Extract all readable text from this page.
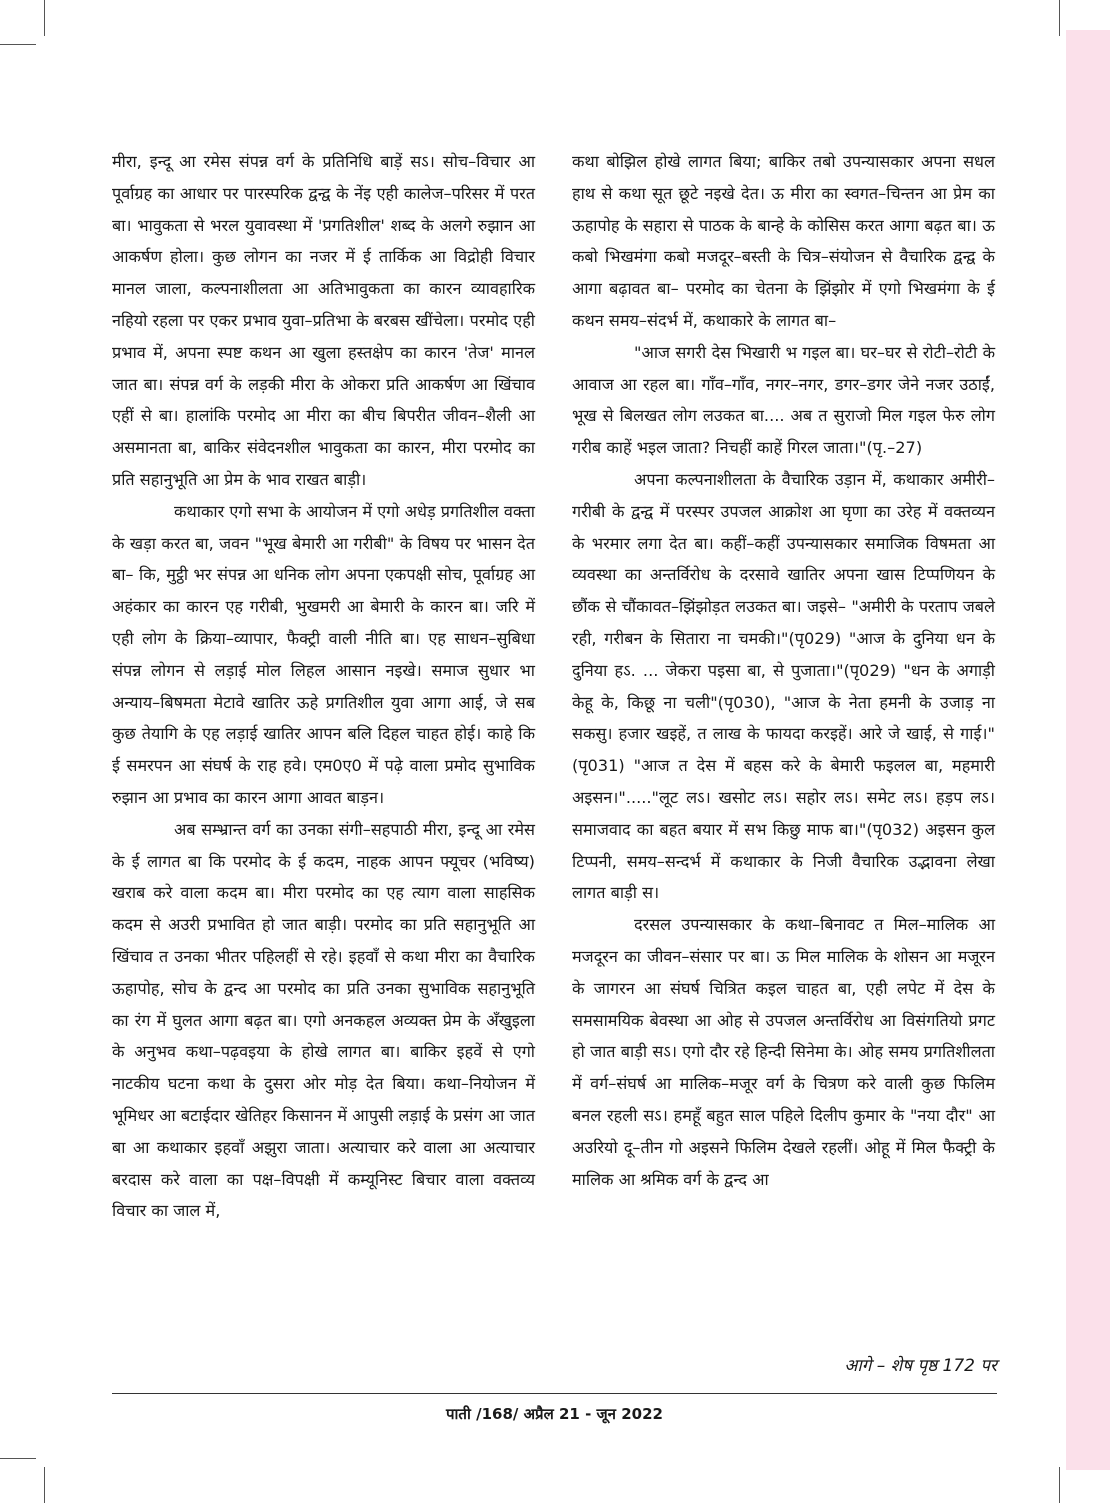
मीरा, इन्दू आ रमेस संपन्न वर्ग के प्रतिनिधि बाड़ें सऽ। सोच–विचार आ पूर्वाग्रह का आधार पर पारस्परिक द्वन्द्व के नेंइ एही कालेज–परिसर में परत बा। भावुकता से भरल युवावस्था में 'प्रगतिशील' शब्द के अलगे रुझान आ आकर्षण होला। कुछ लोगन का नजर में ई तार्किक आ विद्रोही विचार मानल जाला, कल्पनाशीलता आ अतिभावुकता का कारन व्यावहारिक नहियो रहला पर एकर प्रभाव युवा–प्रतिभा के बरबस खींचेला। परमोद एही प्रभाव में, अपना स्पष्ट कथन आ खुला हस्तक्षेप का कारन 'तेज' मानल जात बा। संपन्न वर्ग के लड़की मीरा के ओकरा प्रति आकर्षण आ खिंचाव एहीं से बा। हालांकि परमोद आ मीरा का बीच बिपरीत जीवन–शैली आ असमानता बा, बाकिर संवेदनशील भावुकता का कारन, मीरा परमोद का प्रति सहानुभूति आ प्रेम के भाव राखत बाड़ी।

कथाकार एगो सभा के आयोजन में एगो अधेड़ प्रगतिशील वक्ता के खड़ा करत बा, जवन "भूख बेमारी आ गरीबी" के विषय पर भासन देत बा– कि, मुट्ठी भर संपन्न आ धनिक लोग अपना एकपक्षी सोच, पूर्वाग्रह आ अहंकार का कारन एह गरीबी, भुखमरी आ बेमारी के कारन बा। जरि में एही लोग के क्रिया–व्यापार, फैक्ट्री वाली नीति बा। एह साधन–सुबिधा संपन्न लोगन से लड़ाई मोल लिहल आसान नइखे। समाज सुधार भा अन्याय–बिषमता मेटावे खातिर ऊहे प्रगतिशील युवा आगा आई, जे सब कुछ तेयागि के एह लड़ाई खातिर आपन बलि दिहल चाहत होई। काहे कि ई समरपन आ संघर्ष के राह हवे। एम0ए0 में पढ़े वाला प्रमोद सुभाविक रुझान आ प्रभाव का कारन आगा आवत बाड़न।

अब सम्भ्रान्त वर्ग का उनका संगी–सहपाठी मीरा, इन्दू आ रमेस के ई लागत बा कि परमोद के ई कदम, नाहक आपन फ्यूचर (भविष्य) खराब करे वाला कदम बा। मीरा परमोद का एह त्याग वाला साहसिक कदम से अउरी प्रभावित हो जात बाड़ी। परमोद का प्रति सहानुभूति आ खिंचाव त उनका भीतर पहिलहीं से रहे। इहवाँ से कथा मीरा का वैचारिक ऊहापोह, सोच के द्वन्द आ परमोद का प्रति उनका सुभाविक सहानुभूति का रंग में घुलत आगा बढ़त बा। एगो अनकहल अव्यक्त प्रेम के अँखुइला के अनुभव कथा–पढ़वइया के होखे लागत बा। बाकिर इहवें से एगो नाटकीय घटना कथा के दुसरा ओर मोड़ देत बिया। कथा–नियोजन में भूमिधर आ बटाईदार खेतिहर किसानन में आपुसी लड़ाई के प्रसंग आ जात बा आ कथाकार इहवाँ अझुरा जाता। अत्याचार करे वाला आ अत्याचार बरदास करे वाला का पक्ष–विपक्षी में कम्यूनिस्ट बिचार वाला वक्तव्य विचार का जाल में,

कथा बोझिल होखे लागत बिया; बाकिर तबो उपन्यासकार अपना सधल हाथ से कथा सूत छूटे नइखे देत। ऊ मीरा का स्वगत–चिन्तन आ प्रेम का ऊहापोह के सहारा से पाठक के बान्हे के कोसिस करत आगा बढ़त बा। ऊ कबो भिखमंगा कबो मजदूर–बस्ती के चित्र–संयोजन से वैचारिक द्वन्द्व के आगा बढ़ावत बा– परमोद का चेतना के झिंझोर में एगो भिखमंगा के ई कथन समय–संदर्भ में, कथाकारे के लागत बा–

"आज सगरी देस भिखारी भ गइल बा। घर–घर से रोटी–रोटी के आवाज आ रहल बा। गाँव–गाँव, नगर–नगर, डगर–डगर जेने नजर उठाईं, भूख से बिलखत लोग लउकत बा.... अब त सुराजो मिल गइल फेरु लोग गरीब काहें भइल जाता? निचहीं काहें गिरल जाता।"(पृ.–27)

अपना कल्पनाशीलता के वैचारिक उड़ान में, कथाकार अमीरी–गरीबी के द्वन्द्व में परस्पर उपजल आक्रोश आ घृणा का उरेह में वक्तव्यन के भरमार लगा देत बा। कहीं–कहीं उपन्यासकार समाजिक विषमता आ व्यवस्था का अन्तर्विरोध के दरसावे खातिर अपना खास टिप्पणियन के छौंक से चौंकावत–झिंझोड़त लउकत बा। जइसे– "अमीरी के परताप जबले रही, गरीबन के सितारा ना चमकी।"(पृ029) "आज के दुनिया धन के दुनिया हऽ. ... जेकरा पइसा बा, से पुजाता।"(पृ029) "धन के अगाड़ी केहू के, किछू ना चली"(पृ030), "आज के नेता हमनी के उजाड़ ना सकसु। हजार खइहें, त लाख के फायदा करइहें। आरे जे खाई, से गाई।"(पृ031) "आज त देस में बहस करे के बेमारी फइलल बा, महमारी अइसन।"....."लूट लऽ। खसोट लऽ। सहोर लऽ। समेट लऽ। हड़प लऽ। समाजवाद का बहत बयार में सभ किछु माफ बा।"(पृ032) अइसन कुल टिप्पनी, समय–सन्दर्भ में कथाकार के निजी वैचारिक उद्भावना लेखा लागत बाड़ी स।

दरसल उपन्यासकार के कथा–बिनावट त मिल–मालिक आ मजदूरन का जीवन–संसार पर बा। ऊ मिल मालिक के शोसन आ मजूरन के जागरन आ संघर्ष चित्रित कइल चाहत बा, एही लपेट में देस के समसामयिक बेवस्था आ ओह से उपजल अन्तर्विरोध आ विसंगतियो प्रगट हो जात बाड़ी सऽ। एगो दौर रहे हिन्दी सिनेमा के। ओह समय प्रगतिशीलता में वर्ग–संघर्ष आ मालिक–मजूर वर्ग के चित्रण करे वाली कुछ फिलिम बनल रहली सऽ। हमहूँ बहुत साल पहिले दिलीप कुमार के "नया दौर" आ अउरियो दू–तीन गो अइसने फिलिम देखले रहलीं। ओहू में मिल फैक्ट्री के मालिक आ श्रमिक वर्ग के द्वन्द आ

आगे – शेष पृष्ठ 172 पर
पाती /168/ अप्रैल 21 - जून 2022
